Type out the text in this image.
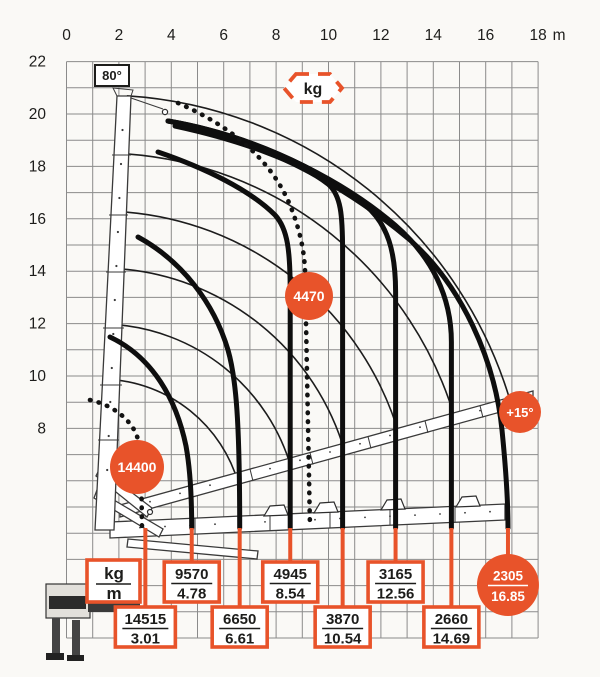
0	2	4	6	8	10 12 14 16 18 m
22
20
18
16
14
12
10
8
14515
3.01
9570
4.78
6650
6.61
4945
8.54
3870
10.54
3165
12.56
2660
14.69
2305
16.85
kg
m
14400
4470
+15°
80°
kg
